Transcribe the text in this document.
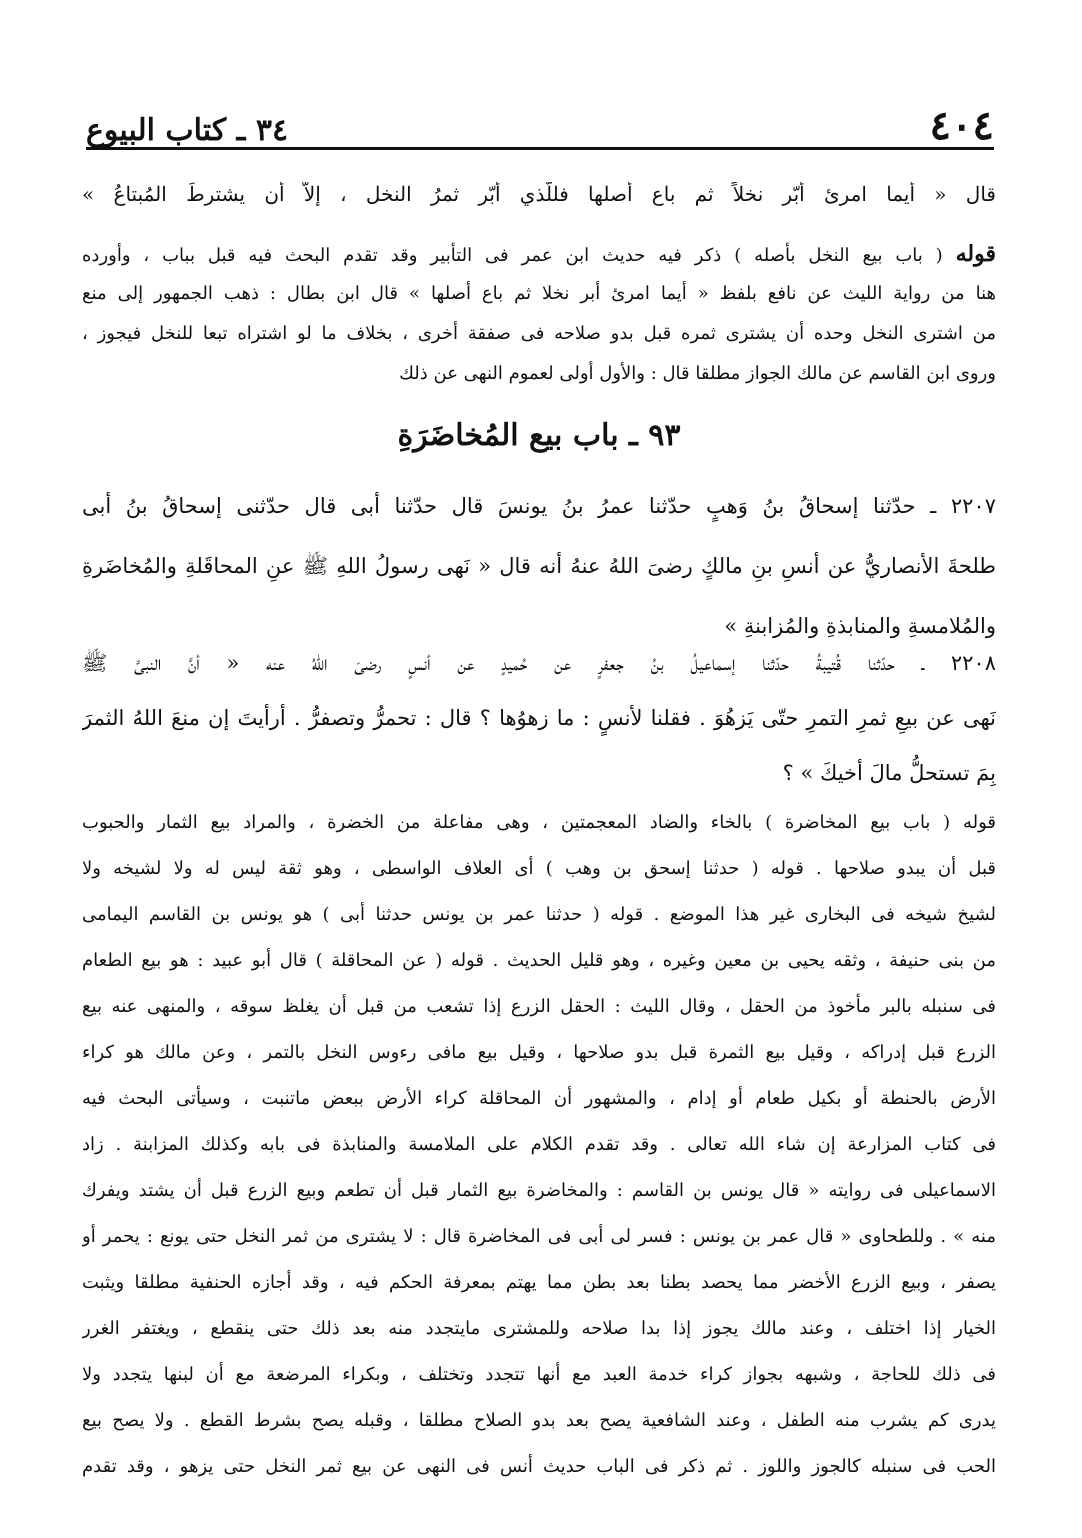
٤٠٤
٣٤ ـ كتاب البيوع
قال « أيما امرئ أبّر نخلاً ثم باع أصلها فللّذي أبّر ثمرُ النخل ، إلاّ أن يشترطَ المُبتاعُ »
قوله ( باب بيع النخل بأصله ) ذكر فيه حديث ابن عمر فى التأبير وقد تقدم البحث فيه قبل بباب ، وأورده
هنا من رواية الليث عن نافع بلفظ « أيما امرئ أبر نخلا ثم باع أصلها » قال ابن بطال : ذهب الجمهور إلى منع
من اشترى النخل وحده أن يشترى ثمره قبل بدو صلاحه فى صفقة أخرى ، بخلاف ما لو اشتراه تبعا للنخل فيجوز ،
وروى ابن القاسم عن مالك الجواز مطلقا قال : والأول أولى لعموم النهى عن ذلك
٩٣ ـ باب بيع المُخاضَرَةِ
٢٢٠٧ ـ حدّثنا إسحاقُ بنُ وَهبٍ حدّثنا عمرُ بنُ يونسَ قال حدّثنا أبى قال حدّثنى إسحاقُ بنُ أبى
طلحةَ الأنصاريُّ عن أنسِ بنِ مالكٍ رضىَ اللهُ عنهُ أنه قال « نَهى رسولُ اللهِ ﷺ عنِ المحاقَلةِ والمُخاضَرةِ
والمُلامسةِ والمنابذةِ والمُزابنةِ »
٢٢٠٨ ـ حدّثنا قُتيبةُ حدّثنا إسماعيلُ بنُ جعفرٍ عن حُميدٍ عن أنسٍ رضىَ اللهُ عنه « أنَّ النبىَّ ﷺ
نَهى عن بيعِ ثمرِ التمرِ حتّى يَزهُوَ . فقلنا لأنسٍ : ما زهوُها ؟ قال : تحمرُّ وتصفرُّ . أرأيتَ إن منعَ اللهُ الثمرَ
بِمَ تستحلُّ مالَ أخيكَ » ؟
قوله ( باب بيع المخاضرة ) بالخاء والضاد المعجمتين ، وهى مفاعلة من الخضرة ، والمراد بيع الثمار والحبوب
قبل أن يبدو صلاحها . قوله ( حدثنا إسحق بن وهب ) أى العلاف الواسطى ، وهو ثقة ليس له ولا لشيخه ولا
لشيخ شيخه فى البخارى غير هذا الموضع . قوله ( حدثنا عمر بن يونس حدثنا أبى ) هو يونس بن القاسم اليمامى
من بنى حنيفة ، وثقه يحيى بن معين وغيره ، وهو قليل الحديث . قوله ( عن المحاقلة ) قال أبو عبيد : هو بيع الطعام
فى سنبله بالبر مأخوذ من الحقل ، وقال الليث : الحقل الزرع إذا تشعب من قبل أن يغلظ سوقه ، والمنهى عنه بيع
الزرع قبل إدراكه ، وقيل بيع الثمرة قبل بدو صلاحها ، وقيل بيع مافى رءوس النخل بالتمر ، وعن مالك هو كراء
الأرض بالحنطة أو بكيل طعام أو إدام ، والمشهور أن المحاقلة كراء الأرض ببعض ماتنبت ، وسيأتى البحث فيه
فى كتاب المزارعة إن شاء الله تعالى . وقد تقدم الكلام على الملامسة والمنابذة فى بابه وكذلك المزابنة . زاد
الاسماعيلى فى روايته « قال يونس بن القاسم : والمخاضرة بيع الثمار قبل أن تطعم وبيع الزرع قبل أن يشتد ويفرك
منه » . وللطحاوى « قال عمر بن يونس : فسر لى أبى فى المخاضرة قال : لا يشترى من ثمر النخل حتى يونع : يحمر أو
يصفر ، وبيع الزرع الأخضر مما يحصد بطنا بعد بطن مما يهتم بمعرفة الحكم فيه ، وقد أجازه الحنفية مطلقا ويثبت
الخيار إذا اختلف ، وعند مالك يجوز إذا بدا صلاحه وللمشترى مايتجدد منه بعد ذلك حتى ينقطع ، ويغتفر الغرر
فى ذلك للحاجة ، وشبهه بجواز كراء خدمة العبد مع أنها تتجدد وتختلف ، وبكراء المرضعة مع أن لبنها يتجدد ولا
يدرى كم يشرب منه الطفل ، وعند الشافعية يصح بعد بدو الصلاح مطلقا ، وقبله يصح بشرط القطع . ولا يصح بيع
الحب فى سنبله كالجوز واللوز . ثم ذكر فى الباب حديث أنس فى النهى عن بيع ثمر النخل حتى يزهو ، وقد تقدم
